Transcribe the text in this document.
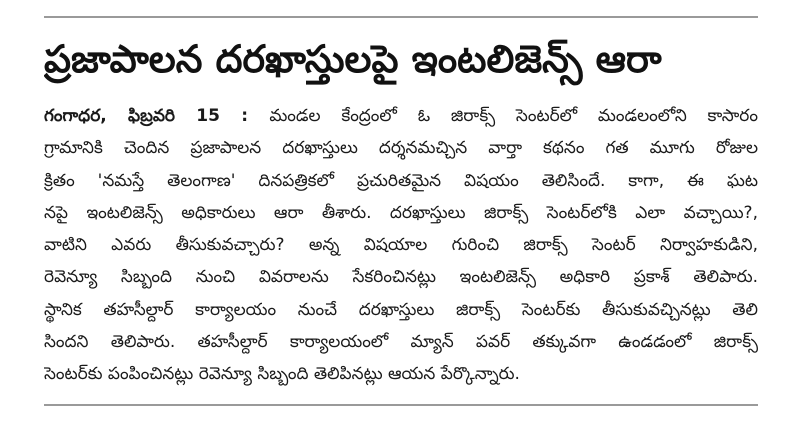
ప్రజాపాలన దరఖాస్తులపై ఇంటలిజెన్స్ ఆరా
గంగాధర, ఫిబ్రవరి 15 : మండల కేంద్రంలో ఓ జిరాక్స్ సెంటర్‌లో మండలంలోని కాసారం
గ్రామానికి చెందిన ప్రజాపాలన దరఖాస్తులు దర్శనమచ్చిన వార్తా కథనం గత మూగు రోజుల
క్రితం 'నమస్తే తెలంగాణ' దినపత్రికలో ప్రచురితమైన విషయం తెలిసిందే. కాగా, ఈ ఘట
నపై ఇంటలిజెన్స్ అధికారులు ఆరా తీశారు. దరఖాస్తులు జిరాక్స్ సెంటర్‌లోకి ఎలా వచ్చాయి?,
వాటిని ఎవరు తీసుకువచ్చారు? అన్న విషయాల గురించి జిరాక్స్ సెంటర్ నిర్వాహకుడిని,
రెవెన్యూ సిబ్బంది నుంచి వివరాలను సేకరించినట్లు ఇంటలిజెన్స్ అధికారి ప్రకాశ్ తెలిపారు.
స్థానిక తహసీల్దార్ కార్యాలయం నుంచే దరఖాస్తులు జిరాక్స్ సెంటర్‌కు తీసుకువచ్చినట్లు తెలి
సిందని తెలిపారు. తహసీల్దార్ కార్యాలయంలో మ్యాన్ పవర్ తక్కువగా ఉండడంలో జిరాక్స్
సెంటర్‌కు పంపించినట్లు రెవెన్యూ సిబ్బంది తెలిపినట్లు ఆయన పేర్కొన్నారు.
